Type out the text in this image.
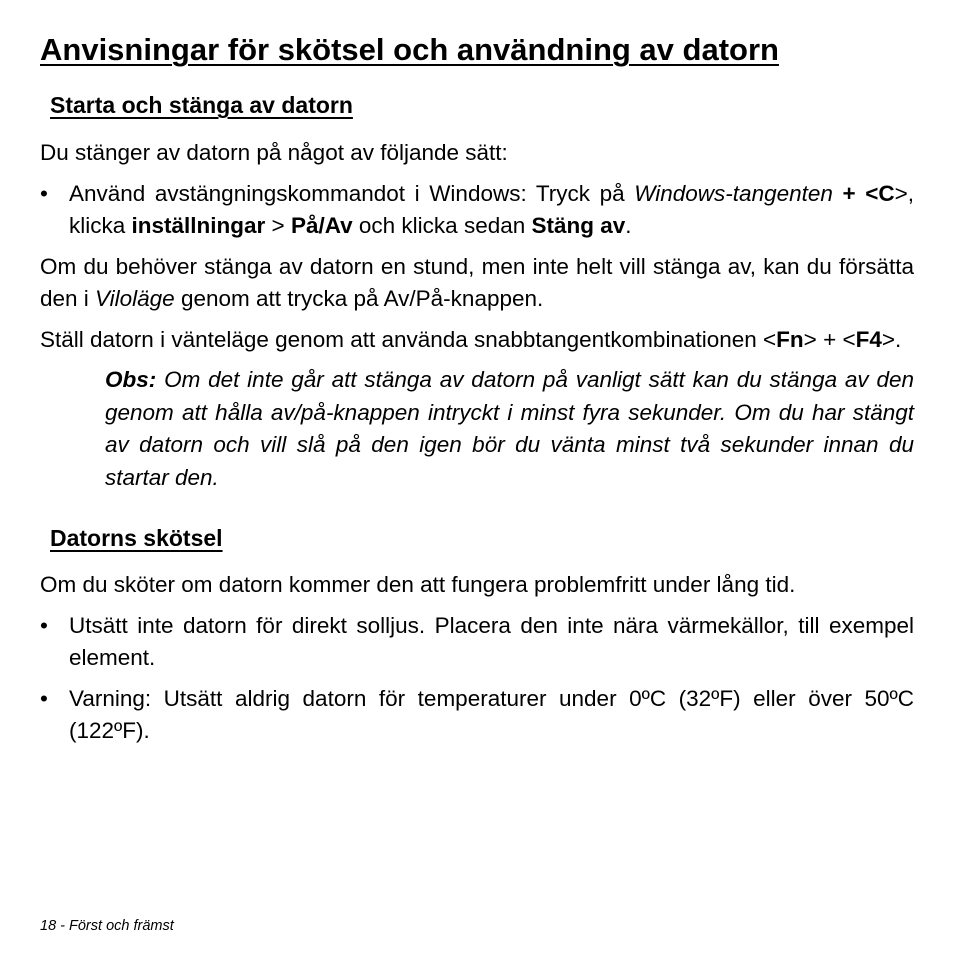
Anvisningar för skötsel och användning av datorn
Starta och stänga av datorn

Du stänger av datorn på något av följande sätt:

• Använd avstängningskommandot i Windows: Tryck på Windows-tangenten + <C>, klicka inställningar > På/Av och klicka sedan Stäng av.

Om du behöver stänga av datorn en stund, men inte helt vill stänga av, kan du försätta den i Viloläge genom att trycka på Av/På-knappen.

Ställ datorn i vänteläge genom att använda snabbtangentkombinationen <Fn> + <F4>.

Obs: Om det inte går att stänga av datorn på vanligt sätt kan du stänga av den genom att hålla av/på-knappen intryckt i minst fyra sekunder. Om du har stängt av datorn och vill slå på den igen bör du vänta minst två sekunder innan du startar den.
Datorns skötsel

Om du sköter om datorn kommer den att fungera problemfritt under lång tid.

• Utsätt inte datorn för direkt solljus. Placera den inte nära värmekällor, till exempel element.
• Varning: Utsätt aldrig datorn för temperaturer under 0ºC (32ºF) eller över 50ºC (122ºF).
18 - Först och främst
